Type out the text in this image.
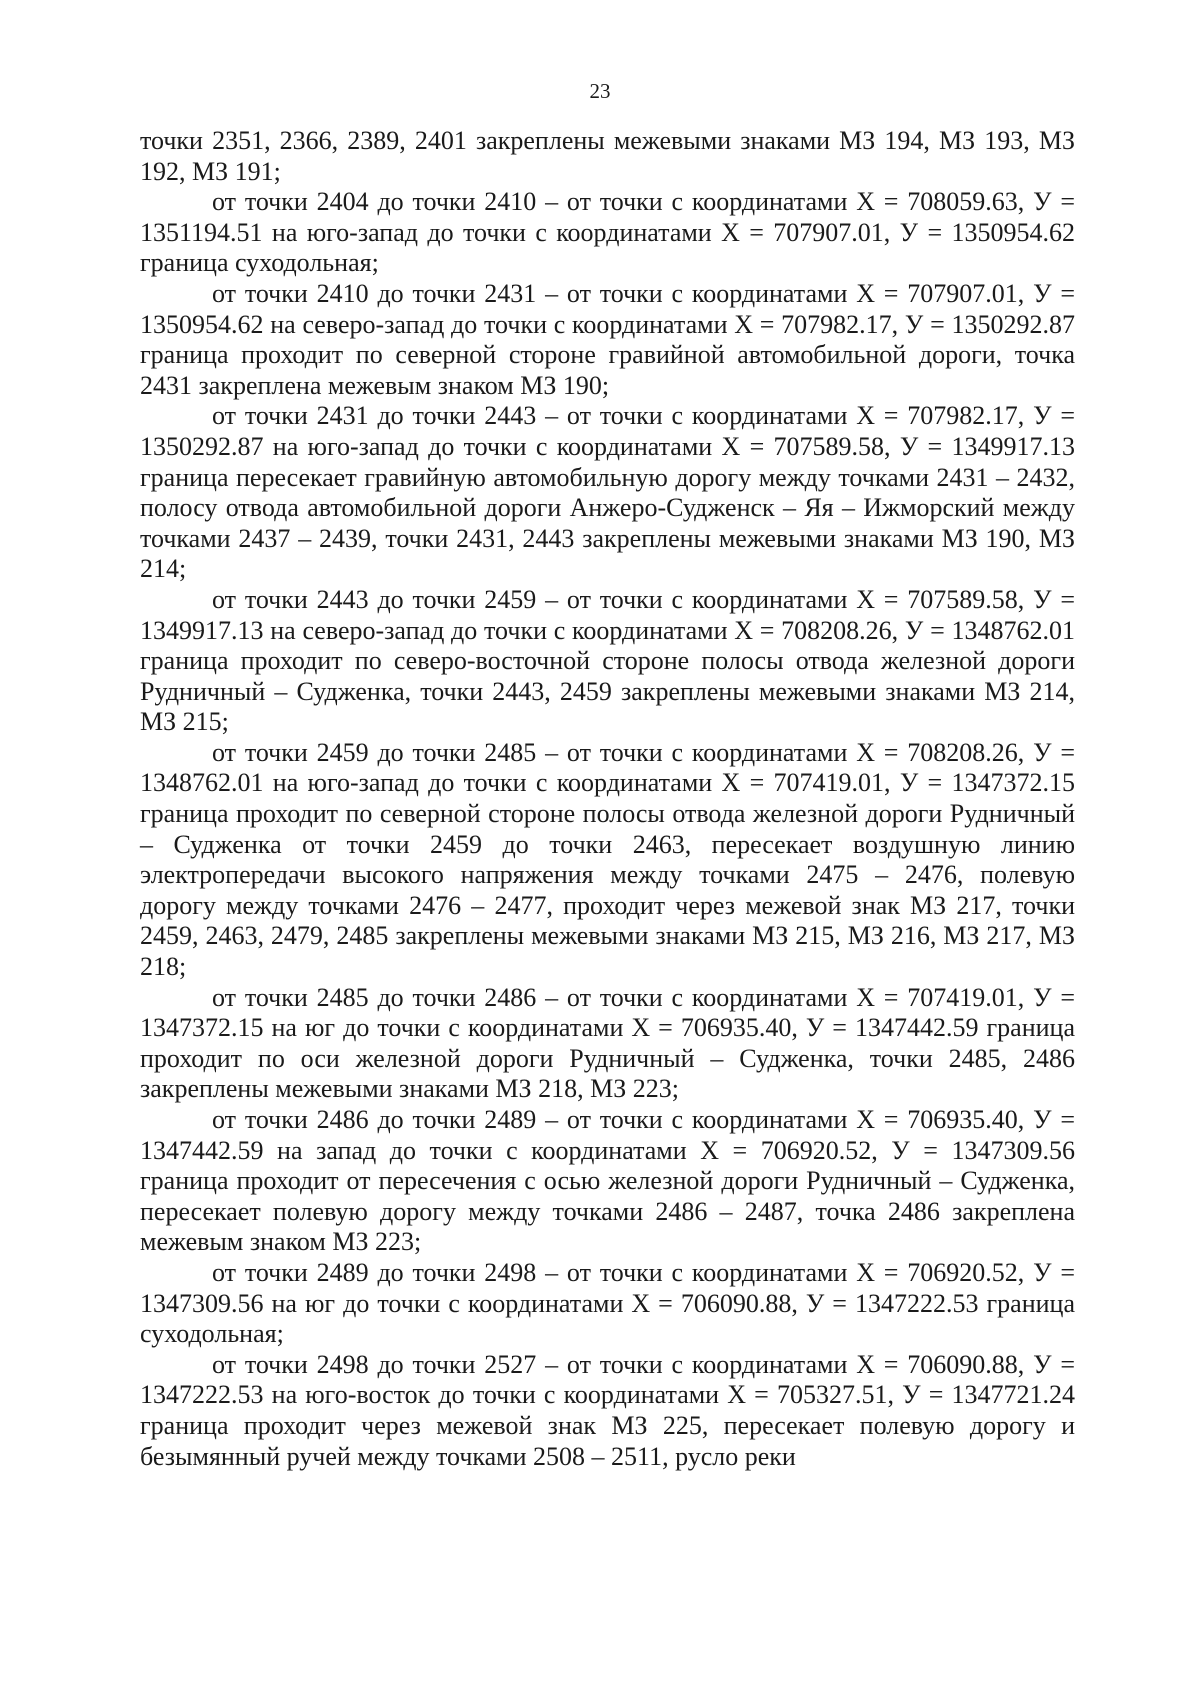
23

точки 2351, 2366, 2389, 2401 закреплены межевыми знаками МЗ 194, МЗ 193, МЗ 192, МЗ 191;

от точки 2404 до точки 2410 – от точки с координатами Х = 708059.63, У = 1351194.51 на юго-запад до точки с координатами Х = 707907.01, У = 1350954.62 граница суходольная;

от точки 2410 до точки 2431 – от точки с координатами Х = 707907.01, У = 1350954.62 на северо-запад до точки с координатами Х = 707982.17, У = 1350292.87 граница проходит по северной стороне гравийной автомобильной дороги, точка 2431 закреплена межевым знаком МЗ 190;

от точки 2431 до точки 2443 – от точки с координатами Х = 707982.17, У = 1350292.87 на юго-запад до точки с координатами Х = 707589.58, У = 1349917.13 граница пересекает гравийную автомобильную дорогу между точками 2431 – 2432, полосу отвода автомобильной дороги Анжеро-Судженск – Яя – Ижморский между точками 2437 – 2439, точки 2431, 2443 закреплены межевыми знаками МЗ 190, МЗ 214;

от точки 2443 до точки 2459 – от точки с координатами Х = 707589.58, У = 1349917.13 на северо-запад до точки с координатами Х = 708208.26, У = 1348762.01 граница проходит по северо-восточной стороне полосы отвода железной дороги Рудничный – Судженка, точки 2443, 2459 закреплены межевыми знаками МЗ 214, МЗ 215;

от точки 2459 до точки 2485 – от точки с координатами Х = 708208.26, У = 1348762.01 на юго-запад до точки с координатами Х = 707419.01, У = 1347372.15 граница проходит по северной стороне полосы отвода железной дороги Рудничный – Судженка от точки 2459 до точки 2463, пересекает воздушную линию электропередачи высокого напряжения между точками 2475 – 2476, полевую дорогу между точками 2476 – 2477, проходит через межевой знак МЗ 217, точки 2459, 2463, 2479, 2485 закреплены межевыми знаками МЗ 215, МЗ 216, МЗ 217, МЗ 218;

от точки 2485 до точки 2486 – от точки с координатами Х = 707419.01, У = 1347372.15 на юг до точки с координатами Х = 706935.40, У = 1347442.59 граница проходит по оси железной дороги Рудничный – Судженка, точки 2485, 2486 закреплены межевыми знаками МЗ 218, МЗ 223;

от точки 2486 до точки 2489 – от точки с координатами Х = 706935.40, У = 1347442.59 на запад до точки с координатами Х = 706920.52, У = 1347309.56 граница проходит от пересечения с осью железной дороги Рудничный – Судженка, пересекает полевую дорогу между точками 2486 – 2487, точка 2486 закреплена межевым знаком МЗ 223;

от точки 2489 до точки 2498 – от точки с координатами Х = 706920.52, У = 1347309.56 на юг до точки с координатами Х = 706090.88, У = 1347222.53 граница суходольная;

от точки 2498 до точки 2527 – от точки с координатами Х = 706090.88, У = 1347222.53 на юго-восток до точки с координатами Х = 705327.51, У = 1347721.24 граница проходит через межевой знак МЗ 225, пересекает полевую дорогу и безымянный ручей между точками 2508 – 2511, русло реки
